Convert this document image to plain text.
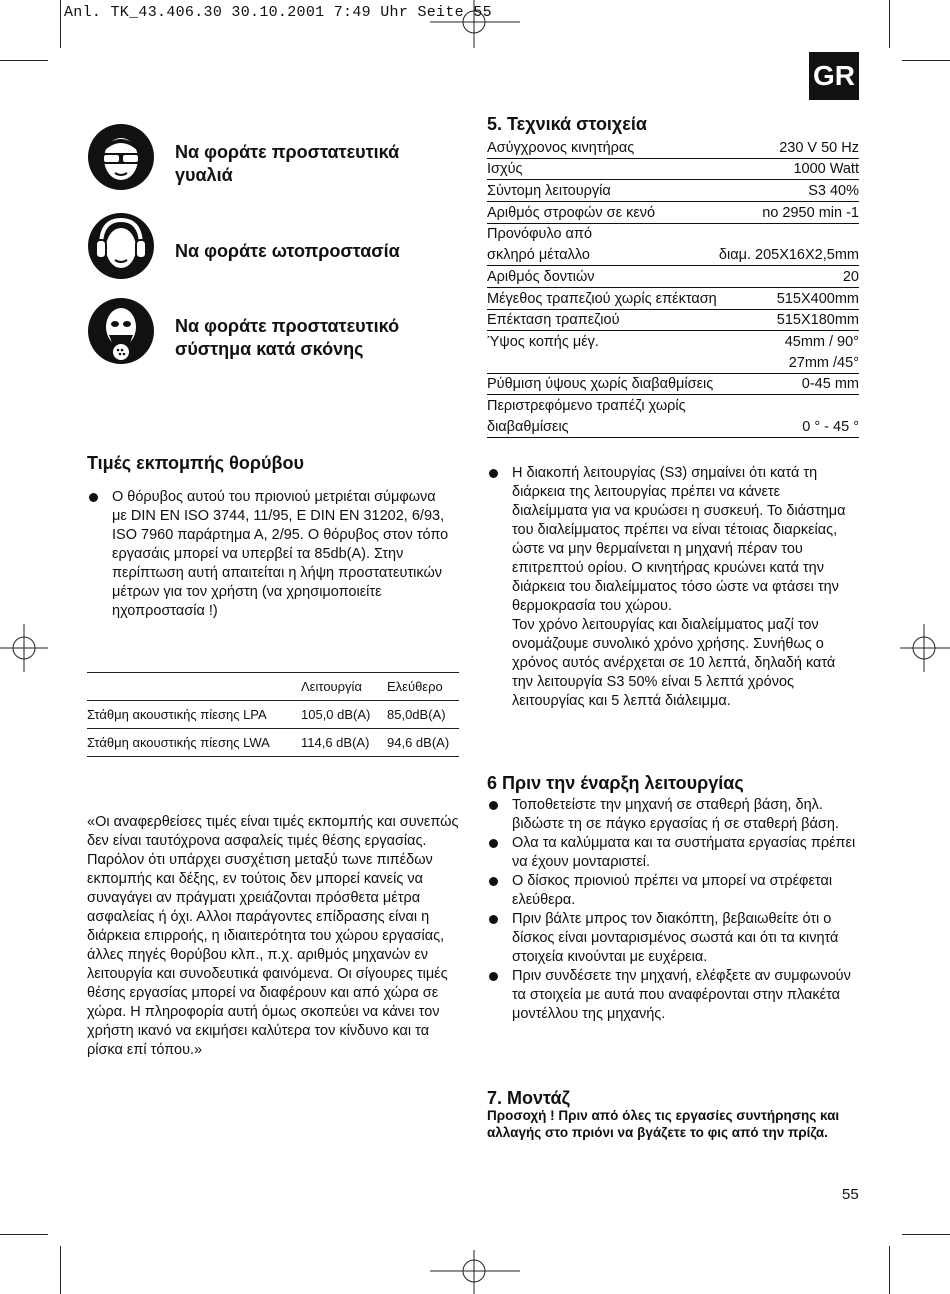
Anl. TK_43.406.30 30.10.2001 7:49 Uhr Seite 55
GR
Να φοράτε προστατευτικά γυαλιά
Να φοράτε ωτοπροστασία
Να φοράτε προστατευτικό σύστημα κατά σκόνης
Τιμές εκπομπής θορύβου
Ο θόρυβος αυτού του πριονιού μετριέται σύμφωνα με DIN EN ISO 3744, 11/95, E DIN EN 31202, 6/93, ISO 7960 παράρτημα Α, 2/95. Ο θόρυβος στον τόπο εργασάις μπορεί να υπερβεί τα 85db(A). Στην περίπτωση αυτή απαιτείται η λήψη προστατευτικών μέτρων για τον χρήστη (να χρησιμοποιείτε ηχοπροστασία !)
	Λειτουργία	Ελεύθερο
Στάθμη ακουστικής πίεσης LPA	105,0 dB(A)	85,0dB(A)
Στάθμη ακουστικής πίεσης LWA	114,6 dB(A)	94,6 dB(A)
«Οι αναφερθείσες τιμές είναι τιμές εκπομπής και συνεπώς δεν είναι ταυτόχρονα ασφαλείς τιμές θέσης εργασίας. Παρόλον ότι υπάρχει συσχέτιση μεταξύ τωνε πιπέδων εκπομπής και δέξης, εν τούτοις δεν μπορεί κανείς να συναγάγει αν πράγματι χρειάζονται πρόσθετα μέτρα ασφαλείας ή όχι. Αλλοι παράγοντες επίδρασης είναι η διάρκεια επιρροής, η ιδιαιτερότητα του χώρου εργασίας, άλλες πηγές θορύβου κλπ., π.χ. αριθμός μηχανών εν λειτουργία και συνοδευτικά φαινόμενα. Οι σίγουρες τιμές θέσης εργασίας μπορεί να διαφέρουν και από χώρα σε χώρα. Η πληροφορία αυτή όμως σκοπεύει να κάνει τον χρήστη ικανό να εκιμήσει καλύτερα τον κίνδυνο και τα ρίσκα επί τόπου.»
5. Τεχνικά στοιχεία
Ασύγχρονος κινητήρας	230 V 50 Hz
Ισχύς	1000 Watt
Σύντομη λειτουργία	S3 40%
Αριθμός στροφών σε κενό	no 2950 min -1
Προνόφυλο από
σκληρό μέταλλο	διαμ. 205X16X2,5mm
Αριθμός δοντιών	20
Μέγεθος τραπεζιού χωρίς επέκταση	515X400mm
Επέκταση τραπεζιού	515X180mm
Ύψος κοπής μέγ.	45mm / 90°
27mm /45°
Ρύθμιση ύψους χωρίς διαβαθμίσεις	0-45 mm
Περιστρεφόμενο τραπέζι χωρίς
διαβαθμίσεις	0 ° - 45 °
Η διακοπή λειτουργίας (S3) σημαίνει ότι κατά τη διάρκεια της λειτουργίας πρέπει να κάνετε διαλείμματα για να κρυώσει η συσκευή. Το διάστημα του διαλείμματος πρέπει να είναι τέτοιας διαρκείας, ώστε να μην θερμαίνεται η μηχανή πέραν του επιτρεπτού ορίου. Ο κινητήρας κρυώνει κατά την διάρκεια του διαλείμματος τόσο ώστε να φτάσει την θερμοκρασία του χώρου.
Τον χρόνο λειτουργίας και διαλείμματος μαζί τον ονομάζουμε συνολικό χρόνο χρήσης. Συνήθως ο χρόνος αυτός ανέρχεται σε 10 λεπτά, δηλαδή κατά την λειτουργία S3 50% είναι 5 λεπτά χρόνος λειτουργίας και 5 λεπτά διάλειμμα.
6 Πριν την έναρξη λειτουργίας
Τοποθετείστε την μηχανή σε σταθερή βάση, δηλ. βιδώστε τη σε πάγκο εργασίας ή σε σταθερή βάση.
Ολα τα καλύμματα και τα συστήματα εργασίας πρέπει να έχουν μονταριστεί.
Ο δίσκος πριονιού πρέπει να μπορεί να στρέφεται ελεύθερα.
Πριν βάλτε μπρος τον διακόπτη, βεβαιωθείτε ότι ο δίσκος είναι μονταρισμένος σωστά και ότι τα κινητά στοιχεία κινούνται με ευχέρεια.
Πριν συνδέσετε την μηχανή, ελέφξετε αν συμφωνούν τα στοιχεία με αυτά που αναφέρονται στην πλακέτα μοντέλλου της μηχανής.
7. Μοντάζ
Προσοχή ! Πριν από όλες τις εργασίες συντήρησης και αλλαγής στο πριόνι να βγάζετε το φις από την πρίζα.
55
